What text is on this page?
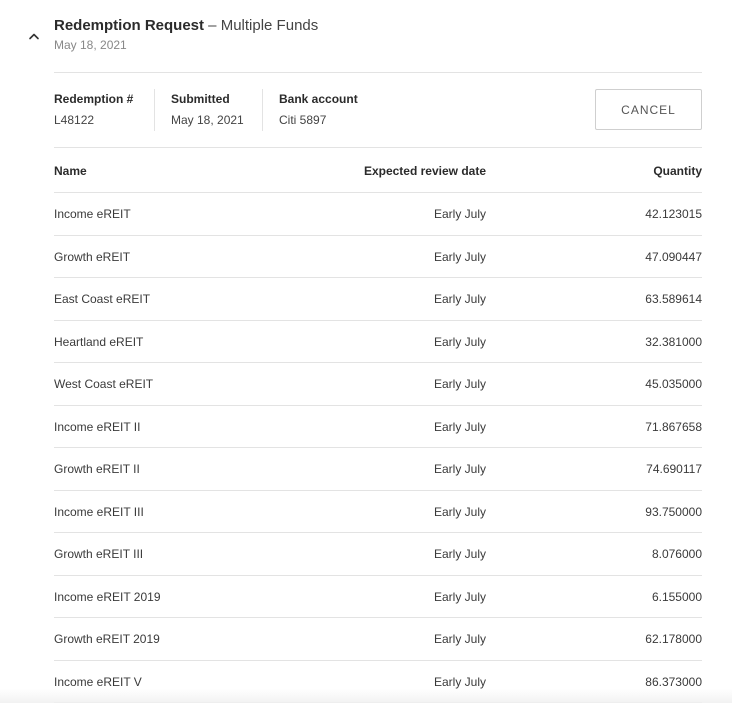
Redemption Request – Multiple Funds
May 18, 2021
Redemption #
L48122
Submitted
May 18, 2021
Bank account
Citi 5897
CANCEL
Name	Expected review date	Quantity
Income eREIT	Early July	42.123015
Growth eREIT	Early July	47.090447
East Coast eREIT	Early July	63.589614
Heartland eREIT	Early July	32.381000
West Coast eREIT	Early July	45.035000
Income eREIT II	Early July	71.867658
Growth eREIT II	Early July	74.690117
Income eREIT III	Early July	93.750000
Growth eREIT III	Early July	8.076000
Income eREIT 2019	Early July	6.155000
Growth eREIT 2019	Early July	62.178000
Income eREIT V	Early July	86.373000
